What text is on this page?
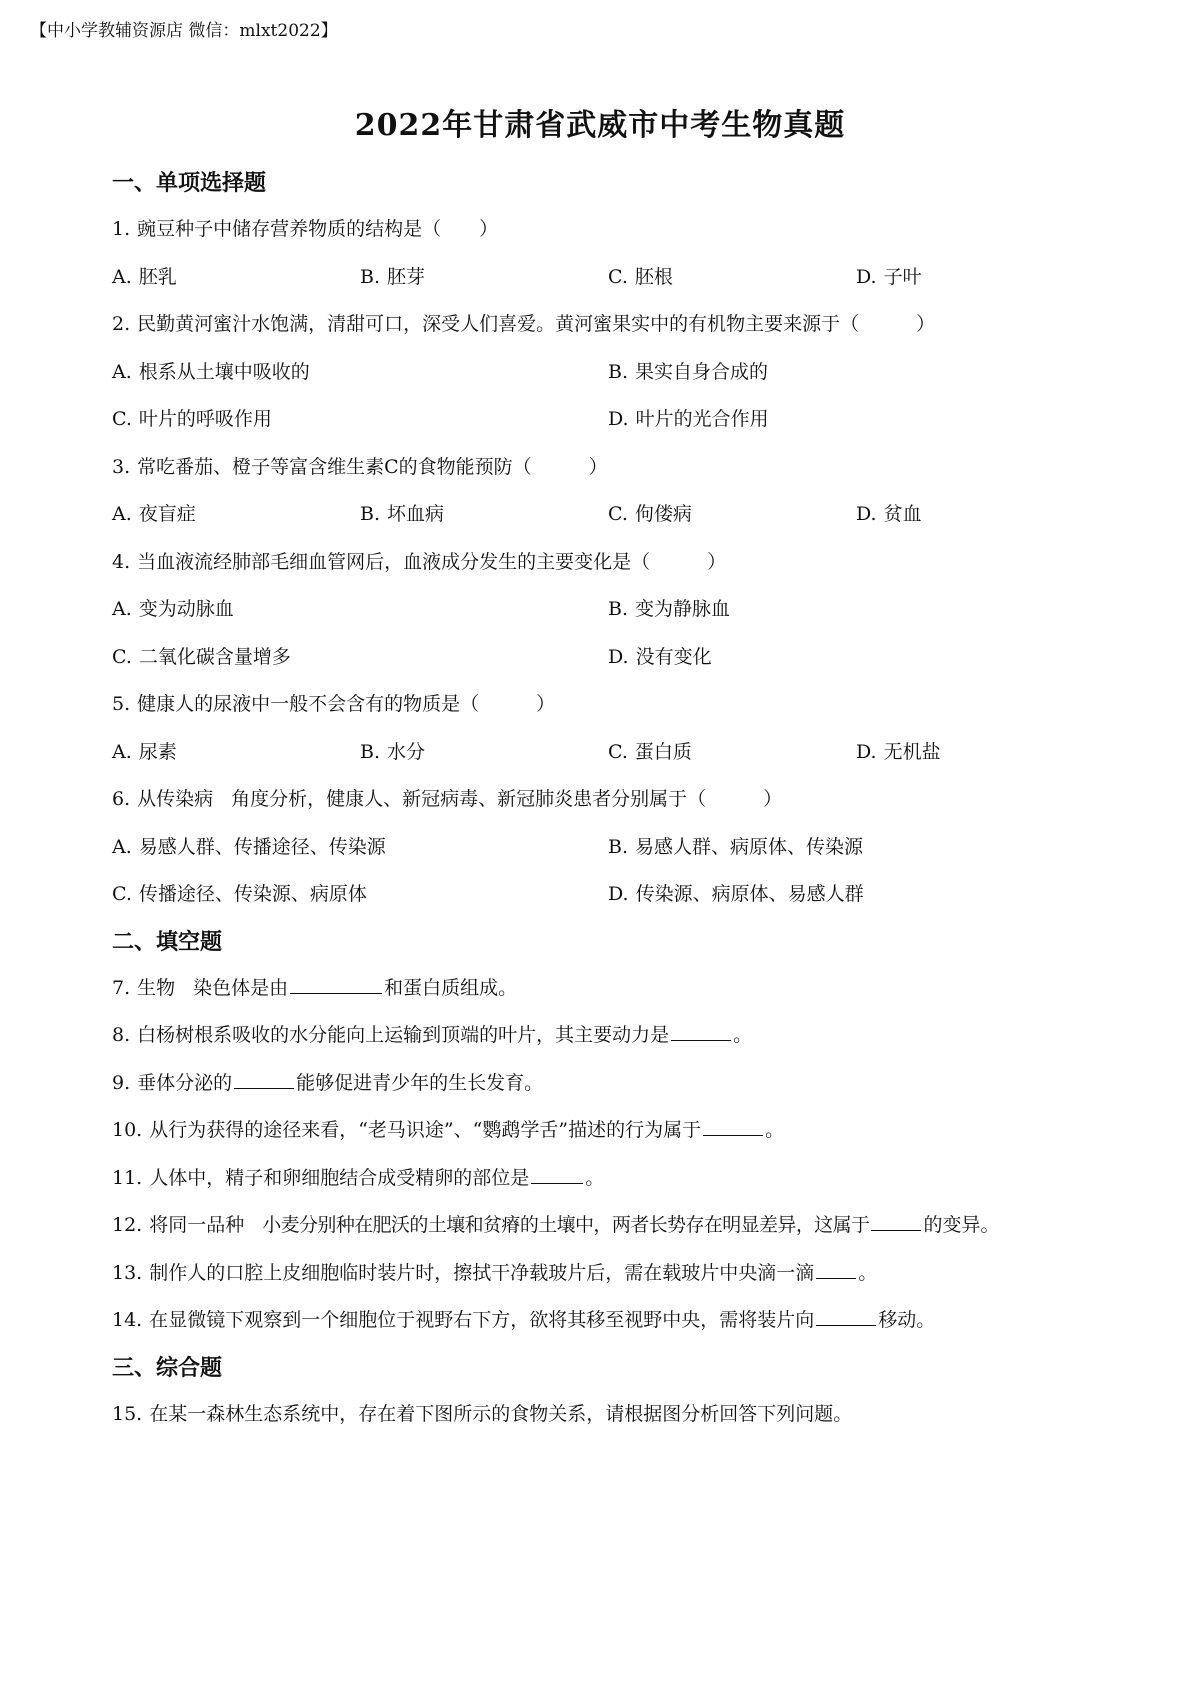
【中小学教辅资源店 微信：mlxt2022】
2022年甘肃省武威市中考生物真题
一、单项选择题
1. 豌豆种子中储存营养物质的结构是（　　）
A. 胚乳	B. 胚芽	C. 胚根	D. 子叶
2. 民勤黄河蜜汁水饱满，清甜可口，深受人们喜爱。黄河蜜果实中的有机物主要来源于（　　　）
A. 根系从土壤中吸收的	B. 果实自身合成的
C. 叶片的呼吸作用	D. 叶片的光合作用
3. 常吃番茄、橙子等富含维生素C的食物能预防（　　　）
A. 夜盲症	B. 坏血病	C. 佝偻病	D. 贫血
4. 当血液流经肺部毛细血管网后，血液成分发生的主要变化是（　　　）
A. 变为动脉血	B. 变为静脉血
C. 二氧化碳含量增多	D. 没有变化
5. 健康人的尿液中一般不会含有的物质是（　　　）
A. 尿素	B. 水分	C. 蛋白质	D. 无机盐
6. 从传染病 角度分析，健康人、新冠病毒、新冠肺炎患者分别属于（　　　）
A. 易感人群、传播途径、传染源	B. 易感人群、病原体、传染源
C. 传播途径、传染源、病原体	D. 传染源、病原体、易感人群
二、填空题
7. 生物 染色体是由	和蛋白质组成。
8. 白杨树根系吸收的水分能向上运输到顶端的叶片，其主要动力是	。
9. 垂体分泌的	能够促进青少年的生长发育。
10. 从行为获得的途径来看，“老马识途”、“鹦鹉学舌”描述的行为属于	。
11. 人体中，精子和卵细胞结合成受精卵的部位是	。
12. 将同一品种 小麦分别种在肥沃的土壤和贫瘠的土壤中，两者长势存在明显差异，这属于	的变异。
13. 制作人的口腔上皮细胞临时装片时，擦拭干净载玻片后，需在载玻片中央滴一滴 。
14. 在显微镜下观察到一个细胞位于视野右下方，欲将其移至视野中央，需将装片向	移动。
三、综合题
15. 在某一森林生态系统中，存在着下图所示的食物关系，请根据图分析回答下列问题。
